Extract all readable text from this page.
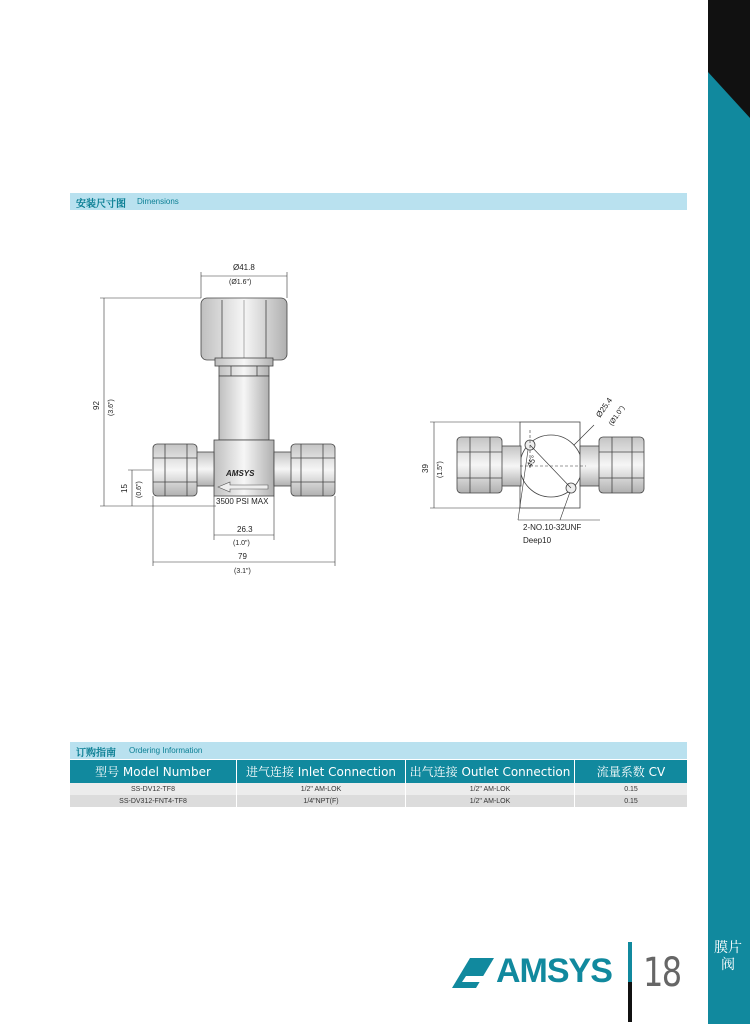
膜片阀
安装尺寸图 Dimensions
AMSYS
3500 PSI MAX
Ø41.8
(Ø1.6")
92 (3.6")
15 (0.6")
26.3
(1.0")
79
(3.1")
39 (1.5")
Ø25.4
(Ø1.0")
45°
2-NO.10-32UNF
Deep10
订购指南 Ordering Information
型号 Model Number	进气连接 Inlet Connection	出气连接 Outlet Connection	流量系数 CV
SS-DV12-TF8	1/2" AM-LOK	1/2" AM-LOK	0.15
SS-DV312-FNT4-TF8	1/4"NPT(F)	1/2" AM-LOK	0.15
AMSYS 18
